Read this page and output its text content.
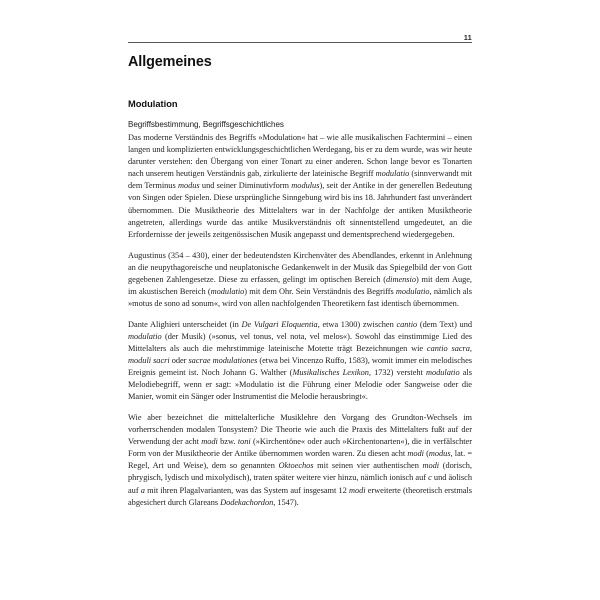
11
Allgemeines
Modulation
Begriffsbestimmung, Begriffsgeschichtliches

Das moderne Verständnis des Begriffs »Modulation« hat – wie alle musikalischen Fachtermini – einen langen und komplizierten entwicklungsgeschichtlichen Werdegang, bis er zu dem wurde, was wir heute darunter verstehen: den Übergang von einer Tonart zu einer anderen. Schon lange bevor es Tonarten nach unserem heutigen Verständnis gab, zirkulierte der lateinische Begriff modulatio (sinnverwandt mit dem Terminus modus und seiner Diminutivform modulus), seit der Antike in der generellen Bedeutung von Singen oder Spielen. Diese ursprüngliche Sinngebung wird bis ins 18. Jahrhundert fast unverändert übernommen. Die Musiktheorie des Mittelalters war in der Nachfolge der antiken Musiktheorie angetreten, allerdings wurde das antike Musikverständnis oft sinnentstellend umgedeutet, an die Erfordernisse der jeweils zeitgenössischen Musik angepasst und dementsprechend wiedergegeben.

Augustinus (354 – 430), einer der bedeutendsten Kirchenväter des Abendlandes, erkennt in Anlehnung an die neupythagoreische und neuplatonische Gedankenwelt in der Musik das Spiegelbild der von Gott gegebenen Zahlengesetze. Diese zu erfassen, gelingt im optischen Bereich (dimensio) mit dem Auge, im akustischen Bereich (modulatio) mit dem Ohr. Sein Verständnis des Begriffs modulatio, nämlich als »motus de sono ad sonum«, wird von allen nachfolgenden Theoretikern fast identisch übernommen.

Dante Alighieri unterscheidet (in De Vulgari Eloquentia, etwa 1300) zwischen cantio (dem Text) und modulatio (der Musik) (»sonus, vel tonus, vel nota, vel melos«). Sowohl das einstimmige Lied des Mittelalters als auch die mehrstimmige lateinische Motette trägt Bezeichnungen wie cantio sacra, moduli sacri oder sacrae modulationes (etwa bei Vincenzo Ruffo, 1583), womit immer ein melodisches Ereignis gemeint ist. Noch Johann G. Walther (Musikalisches Lexikon, 1732) versteht modulatio als Melodiebegriff, wenn er sagt: »Modulatio ist die Führung einer Melodie oder Sangweise oder die Manier, womit ein Sänger oder Instrumentist die Melodie herausbringt«.

Wie aber bezeichnet die mittelalterliche Musiklehre den Vorgang des Grundton-Wechsels im vorherrschenden modalen Tonsystem? Die Theorie wie auch die Praxis des Mittelalters fußt auf der Verwendung der acht modi bzw. toni (»Kirchentöne« oder auch »Kirchentonarten«), die in verfälschter Form von der Musiktheorie der Antike übernommen worden waren. Zu diesen acht modi (modus, lat. = Regel, Art und Weise), dem so genannten Oktoechos mit seinen vier authentischen modi (dorisch, phrygisch, lydisch und mixolydisch), traten später weitere vier hinzu, nämlich ionisch auf c und äolisch auf a mit ihren Plagalvarianten, was das System auf insgesamt 12 modi erweiterte (theoretisch erstmals abgesichert durch Glareans Dodekachordon, 1547).
